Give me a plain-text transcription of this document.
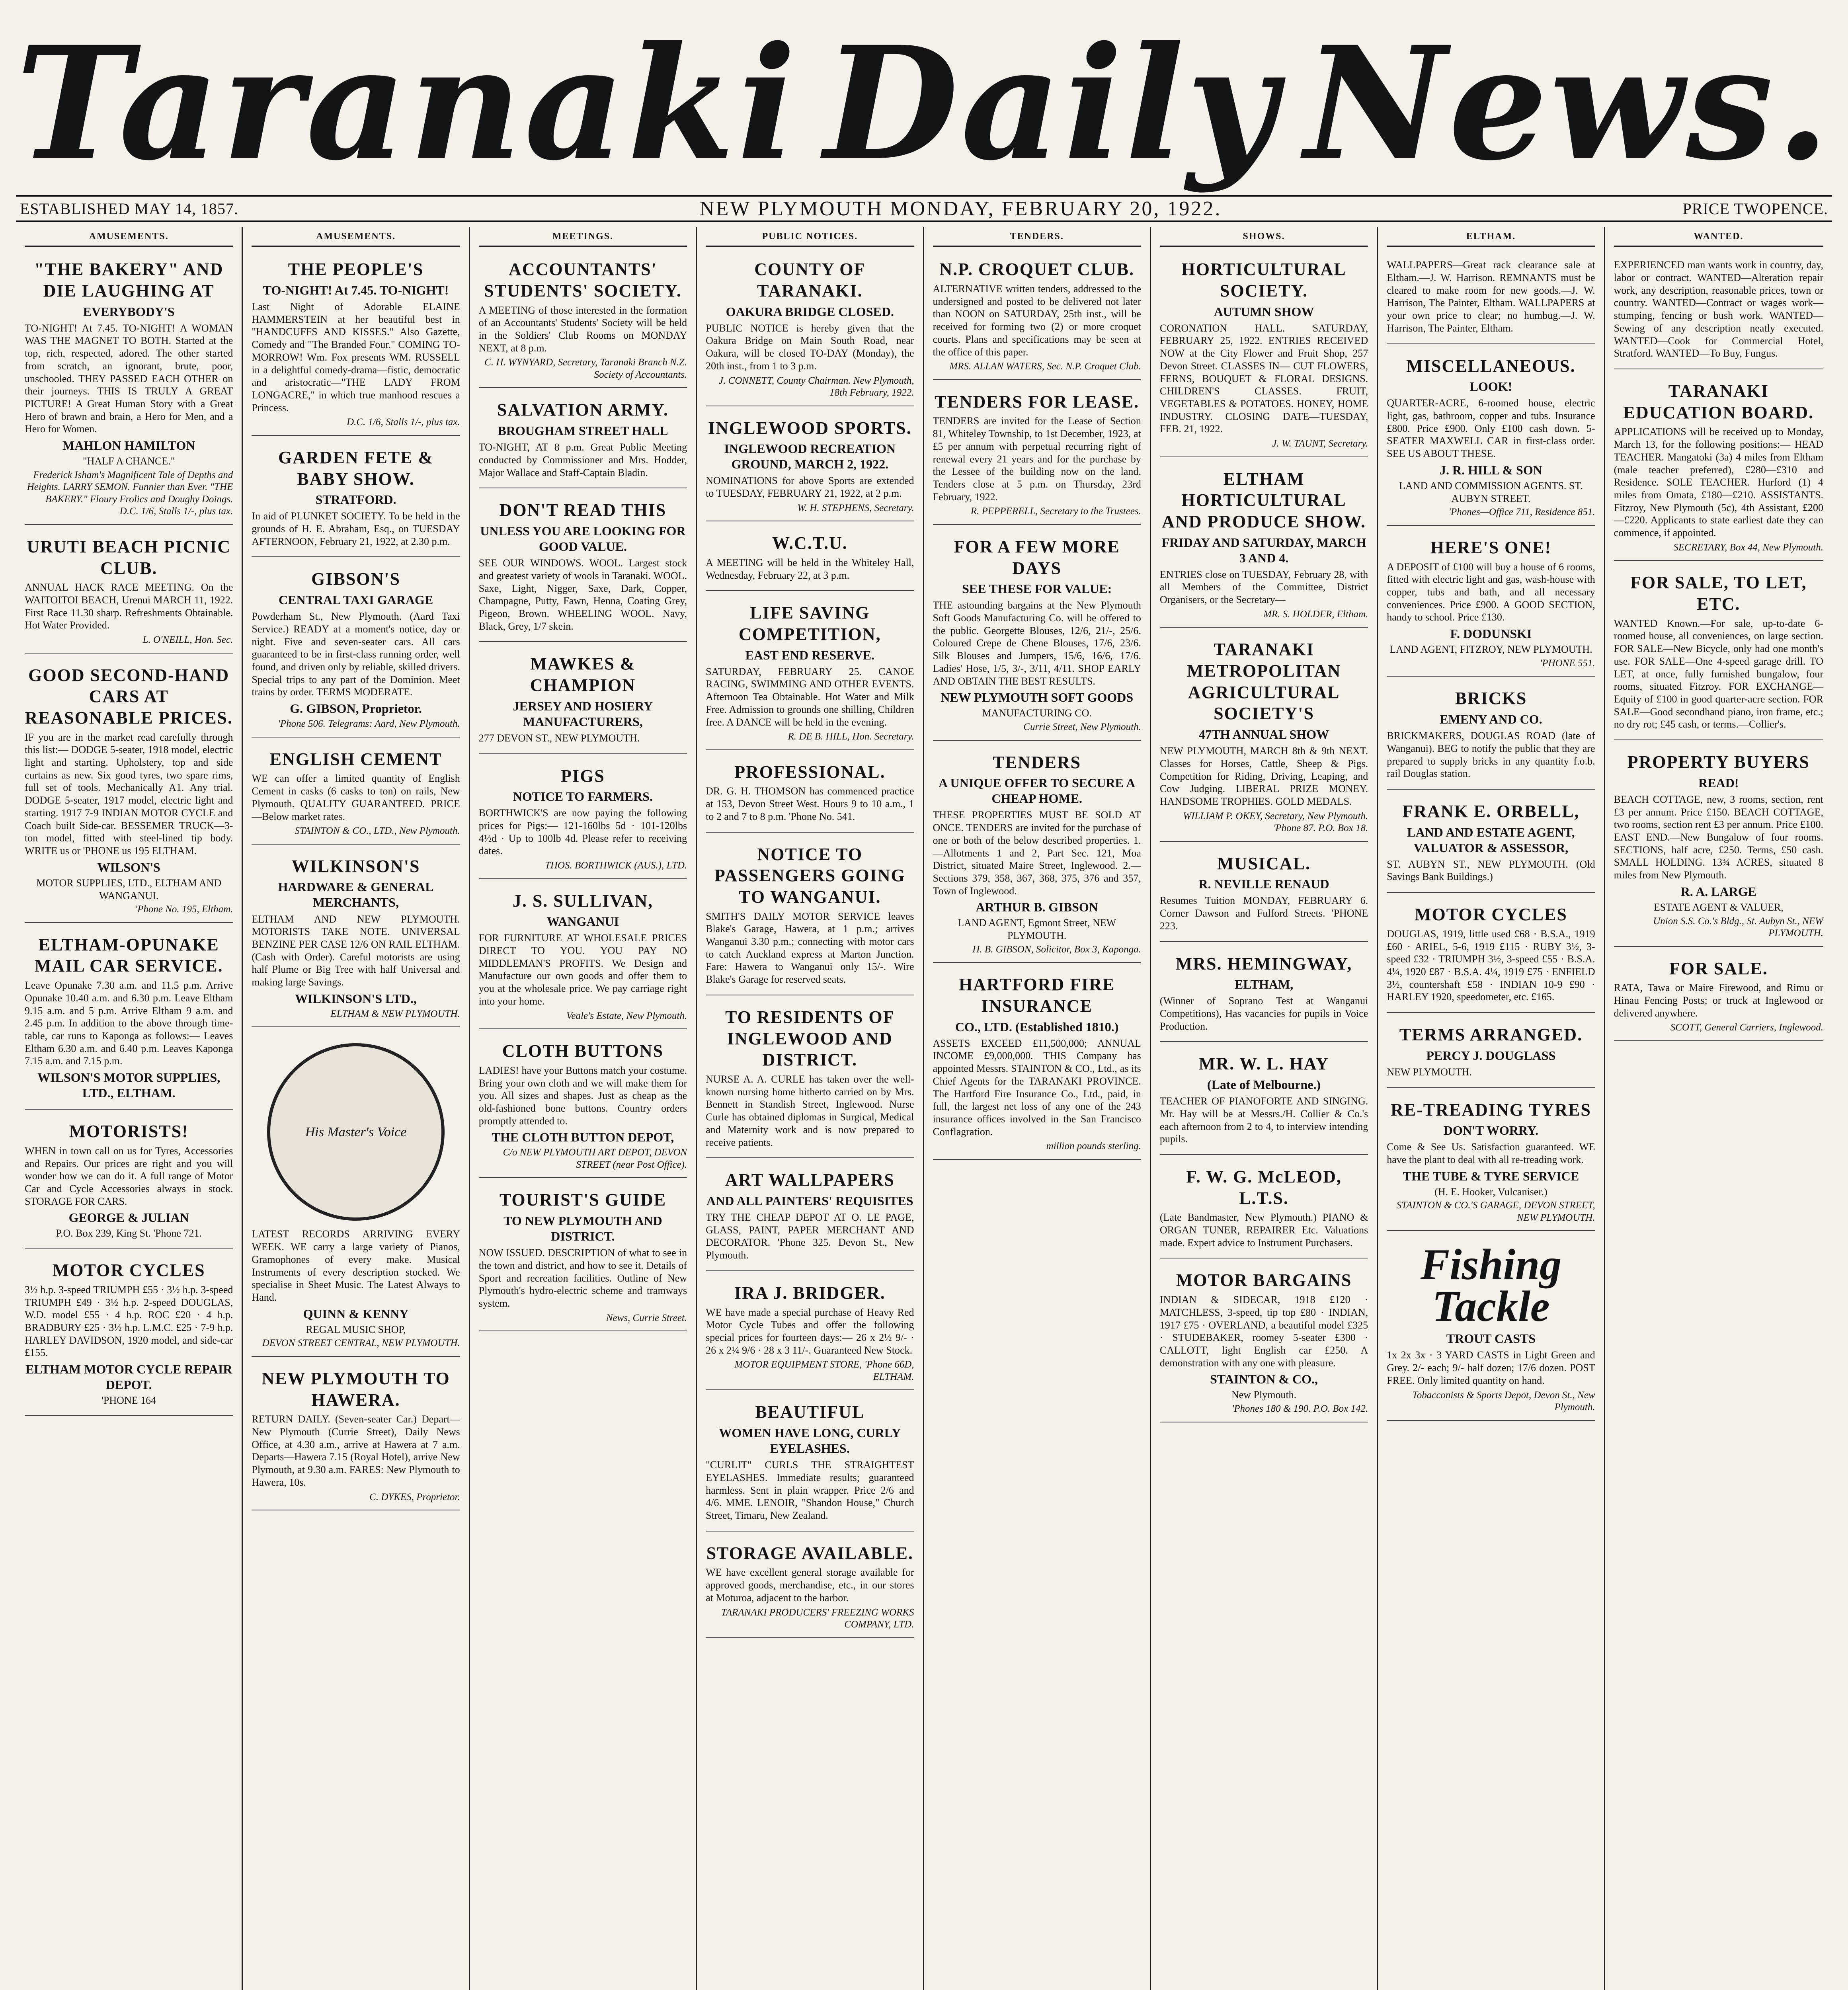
Taranaki Daily News.
ESTABLISHED MAY 14, 1857.	NEW PLYMOUTH MONDAY, FEBRUARY 20, 1922.	PRICE TWOPENCE.
AMUSEMENTS.
"THE BAKERY" AND DIE LAUGHING AT
EVERYBODY'S
TO-NIGHT! At 7.45. TO-NIGHT! A WOMAN WAS THE MAGNET TO BOTH. Started at the top, rich, respected, adored. The other started from scratch, an ignorant, brute, poor, unschooled. THEY PASSED EACH OTHER on their journeys. THIS IS TRULY A GREAT PICTURE! A Great Human Story with a Great Hero of brawn and brain, a Hero for Men, and a Hero for Women.
MAHLON HAMILTON
"HALF A CHANCE."
Frederick Isham's Magnificent Tale of Depths and Heights. LARRY SEMON. Funnier than Ever. "THE BAKERY." Floury Frolics and Doughy Doings. D.C. 1/6, Stalls 1/-, plus tax.
URUTI BEACH PICNIC CLUB.
ANNUAL HACK RACE MEETING. On the WAITOITOI BEACH, Urenui MARCH 11, 1922. First Race 11.30 sharp. Refreshments Obtainable. Hot Water Provided.
L. O'NEILL, Hon. Sec.
GOOD SECOND-HAND CARS AT REASONABLE PRICES.
IF you are in the market read carefully through this list:— DODGE 5-seater, 1918 model, electric light and starting. Upholstery, top and side curtains as new. Six good tyres, two spare rims, full set of tools. Mechanically A1. Any trial. DODGE 5-seater, 1917 model, electric light and starting. 1917 7-9 INDIAN MOTOR CYCLE and Coach built Side-car. BESSEMER TRUCK—3-ton model, fitted with steel-lined tip body. WRITE us or 'PHONE us 195 ELTHAM.
WILSON'S
MOTOR SUPPLIES, LTD., ELTHAM AND WANGANUI.
'Phone No. 195, Eltham.
ELTHAM-OPUNAKE MAIL CAR SERVICE.
Leave Opunake 7.30 a.m. and 11.5 p.m. Arrive Opunake 10.40 a.m. and 6.30 p.m. Leave Eltham 9.15 a.m. and 5 p.m. Arrive Eltham 9 a.m. and 2.45 p.m. In addition to the above through time-table, car runs to Kaponga as follows:— Leaves Eltham 6.30 a.m. and 6.40 p.m. Leaves Kaponga 7.15 a.m. and 7.15 p.m.
WILSON'S MOTOR SUPPLIES, LTD., ELTHAM.
MOTORISTS!
WHEN in town call on us for Tyres, Accessories and Repairs. Our prices are right and you will wonder how we can do it. A full range of Motor Car and Cycle Accessories always in stock. STORAGE FOR CARS.
GEORGE & JULIAN
P.O. Box 239, King St. 'Phone 721.
MOTOR CYCLES
3½ h.p. 3-speed TRIUMPH £55 · 3½ h.p. 3-speed TRIUMPH £49 · 3½ h.p. 2-speed DOUGLAS, W.D. model £55 · 4 h.p. ROC £20 · 4 h.p. BRADBURY £25 · 3½ h.p. L.M.C. £25 · 7-9 h.p. HARLEY DAVIDSON, 1920 model, and side-car £155.
ELTHAM MOTOR CYCLE REPAIR DEPOT.
'PHONE 164
AMUSEMENTS.
THE PEOPLE'S
TO-NIGHT! At 7.45. TO-NIGHT!
Last Night of Adorable ELAINE HAMMERSTEIN at her beautiful best in "HANDCUFFS AND KISSES." Also Gazette, Comedy and "The Branded Four." COMING TO-MORROW! Wm. Fox presents WM. RUSSELL in a delightful comedy-drama—fistic, democratic and aristocratic—"THE LADY FROM LONGACRE," in which true manhood rescues a Princess.
D.C. 1/6, Stalls 1/-, plus tax.
GARDEN FETE & BABY SHOW.
STRATFORD.
In aid of PLUNKET SOCIETY. To be held in the grounds of H. E. Abraham, Esq., on TUESDAY AFTERNOON, February 21, 1922, at 2.30 p.m.
GIBSON'S
CENTRAL TAXI GARAGE
Powderham St., New Plymouth. (Aard Taxi Service.) READY at a moment's notice, day or night. Five and seven-seater cars. All cars guaranteed to be in first-class running order, well found, and driven only by reliable, skilled drivers. Special trips to any part of the Dominion. Meet trains by order. TERMS MODERATE.
G. GIBSON, Proprietor.
'Phone 506. Telegrams: Aard, New Plymouth.
ENGLISH CEMENT
WE can offer a limited quantity of English Cement in casks (6 casks to ton) on rails, New Plymouth. QUALITY GUARANTEED. PRICE—Below market rates.
STAINTON & CO., LTD., New Plymouth.
WILKINSON'S
HARDWARE & GENERAL MERCHANTS,
ELTHAM AND NEW PLYMOUTH. MOTORISTS TAKE NOTE. UNIVERSAL BENZINE PER CASE 12/6 ON RAIL ELTHAM. (Cash with Order). Careful motorists are using half Plume or Big Tree with half Universal and making large Savings.
WILKINSON'S LTD.,
ELTHAM & NEW PLYMOUTH.
His Master's Voice
LATEST RECORDS ARRIVING EVERY WEEK. WE carry a large variety of Pianos, Gramophones of every make. Musical Instruments of every description stocked. We specialise in Sheet Music. The Latest Always to Hand.
QUINN & KENNY
REGAL MUSIC SHOP,
DEVON STREET CENTRAL, NEW PLYMOUTH.
NEW PLYMOUTH TO HAWERA.
RETURN DAILY. (Seven-seater Car.) Depart—New Plymouth (Currie Street), Daily News Office, at 4.30 a.m., arrive at Hawera at 7 a.m. Departs—Hawera 7.15 (Royal Hotel), arrive New Plymouth, at 9.30 a.m. FARES: New Plymouth to Hawera, 10s.
C. DYKES, Proprietor.
MEETINGS.
ACCOUNTANTS' STUDENTS' SOCIETY.
A MEETING of those interested in the formation of an Accountants' Students' Society will be held in the Soldiers' Club Rooms on MONDAY NEXT, at 8 p.m.
C. H. WYNYARD, Secretary, Taranaki Branch N.Z. Society of Accountants.
SALVATION ARMY.
BROUGHAM STREET HALL
TO-NIGHT, AT 8 p.m. Great Public Meeting conducted by Commissioner and Mrs. Hodder, Major Wallace and Staff-Captain Bladin.
DON'T READ THIS
UNLESS YOU ARE LOOKING FOR GOOD VALUE.
SEE OUR WINDOWS. WOOL. Largest stock and greatest variety of wools in Taranaki. WOOL. Saxe, Light, Nigger, Saxe, Dark, Copper, Champagne, Putty, Fawn, Henna, Coating Grey, Pigeon, Brown. WHEELING WOOL. Navy, Black, Grey, 1/7 skein.
MAWKES & CHAMPION
JERSEY AND HOSIERY MANUFACTURERS,
277 DEVON ST., NEW PLYMOUTH.
PIGS
NOTICE TO FARMERS.
BORTHWICK'S are now paying the following prices for Pigs:— 121-160lbs 5d · 101-120lbs 4½d · Up to 100lb 4d. Please refer to receiving dates.
THOS. BORTHWICK (AUS.), LTD.
J. S. SULLIVAN,
WANGANUI
FOR FURNITURE AT WHOLESALE PRICES DIRECT TO YOU. YOU PAY NO MIDDLEMAN'S PROFITS. We Design and Manufacture our own goods and offer them to you at the wholesale price. We pay carriage right into your home.
Veale's Estate, New Plymouth.
CLOTH BUTTONS
LADIES! have your Buttons match your costume. Bring your own cloth and we will make them for you. All sizes and shapes. Just as cheap as the old-fashioned bone buttons. Country orders promptly attended to.
THE CLOTH BUTTON DEPOT,
C/o NEW PLYMOUTH ART DEPOT, DEVON STREET (near Post Office).
TOURIST'S GUIDE
TO NEW PLYMOUTH AND DISTRICT.
NOW ISSUED. DESCRIPTION of what to see in the town and district, and how to see it. Details of Sport and recreation facilities. Outline of New Plymouth's hydro-electric scheme and tramways system.
News, Currie Street.
PUBLIC NOTICES.
COUNTY OF TARANAKI.
OAKURA BRIDGE CLOSED.
PUBLIC NOTICE is hereby given that the Oakura Bridge on Main South Road, near Oakura, will be closed TO-DAY (Monday), the 20th inst., from 1 to 3 p.m.
J. CONNETT, County Chairman. New Plymouth, 18th February, 1922.
INGLEWOOD SPORTS.
INGLEWOOD RECREATION GROUND, MARCH 2, 1922.
NOMINATIONS for above Sports are extended to TUESDAY, FEBRUARY 21, 1922, at 2 p.m.
W. H. STEPHENS, Secretary.
W.C.T.U.
A MEETING will be held in the Whiteley Hall, Wednesday, February 22, at 3 p.m.
LIFE SAVING COMPETITION,
EAST END RESERVE.
SATURDAY, FEBRUARY 25. CANOE RACING, SWIMMING AND OTHER EVENTS. Afternoon Tea Obtainable. Hot Water and Milk Free. Admission to grounds one shilling, Children free. A DANCE will be held in the evening.
R. DE B. HILL, Hon. Secretary.
PROFESSIONAL.
DR. G. H. THOMSON has commenced practice at 153, Devon Street West. Hours 9 to 10 a.m., 1 to 2 and 7 to 8 p.m. 'Phone No. 541.
NOTICE TO PASSENGERS GOING TO WANGANUI.
SMITH'S DAILY MOTOR SERVICE leaves Blake's Garage, Hawera, at 1 p.m.; arrives Wanganui 3.30 p.m.; connecting with motor cars to catch Auckland express at Marton Junction. Fare: Hawera to Wanganui only 15/-. Wire Blake's Garage for reserved seats.
TO RESIDENTS OF INGLEWOOD AND DISTRICT.
NURSE A. A. CURLE has taken over the well-known nursing home hitherto carried on by Mrs. Bennett in Standish Street, Inglewood. Nurse Curle has obtained diplomas in Surgical, Medical and Maternity work and is now prepared to receive patients.
ART WALLPAPERS
AND ALL PAINTERS' REQUISITES
TRY THE CHEAP DEPOT AT O. LE PAGE, GLASS, PAINT, PAPER MERCHANT AND DECORATOR. 'Phone 325. Devon St., New Plymouth.
IRA J. BRIDGER.
WE have made a special purchase of Heavy Red Motor Cycle Tubes and offer the following special prices for fourteen days:— 26 x 2½ 9/- · 26 x 2¼ 9/6 · 28 x 3 11/-. Guaranteed New Stock.
MOTOR EQUIPMENT STORE, 'Phone 66D, ELTHAM.
BEAUTIFUL
WOMEN HAVE LONG, CURLY EYELASHES.
"CURLIT" CURLS THE STRAIGHTEST EYELASHES. Immediate results; guaranteed harmless. Sent in plain wrapper. Price 2/6 and 4/6. MME. LENOIR, "Shandon House," Church Street, Timaru, New Zealand.
STORAGE AVAILABLE.
WE have excellent general storage available for approved goods, merchandise, etc., in our stores at Moturoa, adjacent to the harbor.
TARANAKI PRODUCERS' FREEZING WORKS COMPANY, LTD.
TENDERS.
N.P. CROQUET CLUB.
ALTERNATIVE written tenders, addressed to the undersigned and posted to be delivered not later than NOON on SATURDAY, 25th inst., will be received for forming two (2) or more croquet courts. Plans and specifications may be seen at the office of this paper.
MRS. ALLAN WATERS, Sec. N.P. Croquet Club.
TENDERS FOR LEASE.
TENDERS are invited for the Lease of Section 81, Whiteley Township, to 1st December, 1923, at £5 per annum with perpetual recurring right of renewal every 21 years and for the purchase by the Lessee of the building now on the land. Tenders close at 5 p.m. on Thursday, 23rd February, 1922.
R. PEPPERELL, Secretary to the Trustees.
FOR A FEW MORE DAYS
SEE THESE FOR VALUE:
THE astounding bargains at the New Plymouth Soft Goods Manufacturing Co. will be offered to the public. Georgette Blouses, 12/6, 21/-, 25/6. Coloured Crepe de Chene Blouses, 17/6, 23/6. Silk Blouses and Jumpers, 15/6, 16/6, 17/6. Ladies' Hose, 1/5, 3/-, 3/11, 4/11. SHOP EARLY AND OBTAIN THE BEST RESULTS.
NEW PLYMOUTH SOFT GOODS
MANUFACTURING CO.
Currie Street, New Plymouth.
TENDERS
A UNIQUE OFFER TO SECURE A CHEAP HOME.
THESE PROPERTIES MUST BE SOLD AT ONCE. TENDERS are invited for the purchase of one or both of the below described properties. 1.—Allotments 1 and 2, Part Sec. 121, Moa District, situated Maire Street, Inglewood. 2.—Sections 379, 358, 367, 368, 375, 376 and 357, Town of Inglewood.
ARTHUR B. GIBSON
LAND AGENT, Egmont Street, NEW PLYMOUTH.
H. B. GIBSON, Solicitor, Box 3, Kaponga.
HARTFORD FIRE INSURANCE
CO., LTD. (Established 1810.)
ASSETS EXCEED £11,500,000; ANNUAL INCOME £9,000,000. THIS Company has appointed Messrs. STAINTON & CO., Ltd., as its Chief Agents for the TARANAKI PROVINCE. The Hartford Fire Insurance Co., Ltd., paid, in full, the largest net loss of any one of the 243 insurance offices involved in the San Francisco Conflagration.
million pounds sterling.
SHOWS.
HORTICULTURAL SOCIETY.
AUTUMN SHOW
CORONATION HALL. SATURDAY, FEBRUARY 25, 1922. ENTRIES RECEIVED NOW at the City Flower and Fruit Shop, 257 Devon Street. CLASSES IN— CUT FLOWERS, FERNS, BOUQUET & FLORAL DESIGNS. CHILDREN'S CLASSES. FRUIT, VEGETABLES & POTATOES. HONEY, HOME INDUSTRY. CLOSING DATE—TUESDAY, FEB. 21, 1922.
J. W. TAUNT, Secretary.
ELTHAM HORTICULTURAL AND PRODUCE SHOW.
FRIDAY AND SATURDAY, MARCH 3 AND 4.
ENTRIES close on TUESDAY, February 28, with all Members of the Committee, District Organisers, or the Secretary—
MR. S. HOLDER, Eltham.
TARANAKI METROPOLITAN AGRICULTURAL SOCIETY'S
47TH ANNUAL SHOW
NEW PLYMOUTH, MARCH 8th & 9th NEXT. Classes for Horses, Cattle, Sheep & Pigs. Competition for Riding, Driving, Leaping, and Cow Judging. LIBERAL PRIZE MONEY. HANDSOME TROPHIES. GOLD MEDALS.
WILLIAM P. OKEY, Secretary, New Plymouth. 'Phone 87. P.O. Box 18.
MUSICAL.
R. NEVILLE RENAUD
Resumes Tuition MONDAY, FEBRUARY 6. Corner Dawson and Fulford Streets. 'PHONE 223.
MRS. HEMINGWAY,
ELTHAM,
(Winner of Soprano Test at Wanganui Competitions), Has vacancies for pupils in Voice Production.
MR. W. L. HAY
(Late of Melbourne.)
TEACHER OF PIANOFORTE AND SINGING. Mr. Hay will be at Messrs./H. Collier & Co.'s each afternoon from 2 to 4, to interview intending pupils.
F. W. G. McLEOD, L.T.S.
(Late Bandmaster, New Plymouth.) PIANO & ORGAN TUNER, REPAIRER Etc. Valuations made. Expert advice to Instrument Purchasers.
MOTOR BARGAINS
INDIAN & SIDECAR, 1918 £120 · MATCHLESS, 3-speed, tip top £80 · INDIAN, 1917 £75 · OVERLAND, a beautiful model £325 · STUDEBAKER, roomey 5-seater £300 · CALLOTT, light English car £250. A demonstration with any one with pleasure.
STAINTON & CO.,
New Plymouth.
'Phones 180 & 190. P.O. Box 142.
ELTHAM.
WALLPAPERS—Great rack clearance sale at Eltham.—J. W. Harrison. REMNANTS must be cleared to make room for new goods.—J. W. Harrison, The Painter, Eltham. WALLPAPERS at your own price to clear; no humbug.—J. W. Harrison, The Painter, Eltham.
MISCELLANEOUS.
LOOK!
QUARTER-ACRE, 6-roomed house, electric light, gas, bathroom, copper and tubs. Insurance £800. Price £900. Only £100 cash down. 5-SEATER MAXWELL CAR in first-class order. SEE US ABOUT THESE.
J. R. HILL & SON
LAND AND COMMISSION AGENTS. ST. AUBYN STREET.
'Phones—Office 711, Residence 851.
HERE'S ONE!
A DEPOSIT of £100 will buy a house of 6 rooms, fitted with electric light and gas, wash-house with copper, tubs and bath, and all necessary conveniences. Price £900. A GOOD SECTION, handy to school. Price £130.
F. DODUNSKI
LAND AGENT, FITZROY, NEW PLYMOUTH.
'PHONE 551.
BRICKS
EMENY AND CO.
BRICKMAKERS, DOUGLAS ROAD (late of Wanganui). BEG to notify the public that they are prepared to supply bricks in any quantity f.o.b. rail Douglas station.
FRANK E. ORBELL,
LAND AND ESTATE AGENT, VALUATOR & ASSESSOR,
ST. AUBYN ST., NEW PLYMOUTH. (Old Savings Bank Buildings.)
MOTOR CYCLES
DOUGLAS, 1919, little used £68 · B.S.A., 1919 £60 · ARIEL, 5-6, 1919 £115 · RUBY 3½, 3-speed £32 · TRIUMPH 3½, 3-speed £55 · B.S.A. 4¼, 1920 £87 · B.S.A. 4¼, 1919 £75 · ENFIELD 3½, countershaft £58 · INDIAN 10-9 £90 · HARLEY 1920, speedometer, etc. £165.
TERMS ARRANGED.
PERCY J. DOUGLASS
NEW PLYMOUTH.
RE-TREADING TYRES
DON'T WORRY.
Come & See Us. Satisfaction guaranteed. WE have the plant to deal with all re-treading work.
THE TUBE & TYRE SERVICE
(H. E. Hooker, Vulcaniser.)
STAINTON & CO.'S GARAGE, DEVON STREET, NEW PLYMOUTH.
Fishing Tackle
TROUT CASTS
1x 2x 3x · 3 YARD CASTS in Light Green and Grey. 2/- each; 9/- half dozen; 17/6 dozen. POST FREE. Only limited quantity on hand.
Tobacconists & Sports Depot, Devon St., New Plymouth.
WANTED.
EXPERIENCED man wants work in country, day, labor or contract. WANTED—Alteration repair work, any description, reasonable prices, town or country. WANTED—Contract or wages work—stumping, fencing or bush work. WANTED—Sewing of any description neatly executed. WANTED—Cook for Commercial Hotel, Stratford. WANTED—To Buy, Fungus.
TARANAKI EDUCATION BOARD.
APPLICATIONS will be received up to Monday, March 13, for the following positions:— HEAD TEACHER. Mangatoki (3a) 4 miles from Eltham (male teacher preferred), £280—£310 and Residence. SOLE TEACHER. Hurford (1) 4 miles from Omata, £180—£210. ASSISTANTS. Fitzroy, New Plymouth (5c), 4th Assistant, £200—£220. Applicants to state earliest date they can commence, if appointed.
SECRETARY, Box 44, New Plymouth.
FOR SALE, TO LET, ETC.
WANTED Known.—For sale, up-to-date 6-roomed house, all conveniences, on large section. FOR SALE—New Bicycle, only had one month's use. FOR SALE—One 4-speed garage drill. TO LET, at once, fully furnished bungalow, four rooms, situated Fitzroy. FOR EXCHANGE—Equity of £100 in good quarter-acre section. FOR SALE—Good secondhand piano, iron frame, etc.; no dry rot; £45 cash, or terms.—Collier's.
PROPERTY BUYERS
READ!
BEACH COTTAGE, new, 3 rooms, section, rent £3 per annum. Price £150. BEACH COTTAGE, two rooms, section rent £3 per annum. Price £100. EAST END.—New Bungalow of four rooms. SECTIONS, half acre, £250. Terms, £50 cash. SMALL HOLDING. 13¾ ACRES, situated 8 miles from New Plymouth.
R. A. LARGE
ESTATE AGENT & VALUER,
Union S.S. Co.'s Bldg., St. Aubyn St., NEW PLYMOUTH.
FOR SALE.
RATA, Tawa or Maire Firewood, and Rimu or Hinau Fencing Posts; or truck at Inglewood or delivered anywhere.
SCOTT, General Carriers, Inglewood.
